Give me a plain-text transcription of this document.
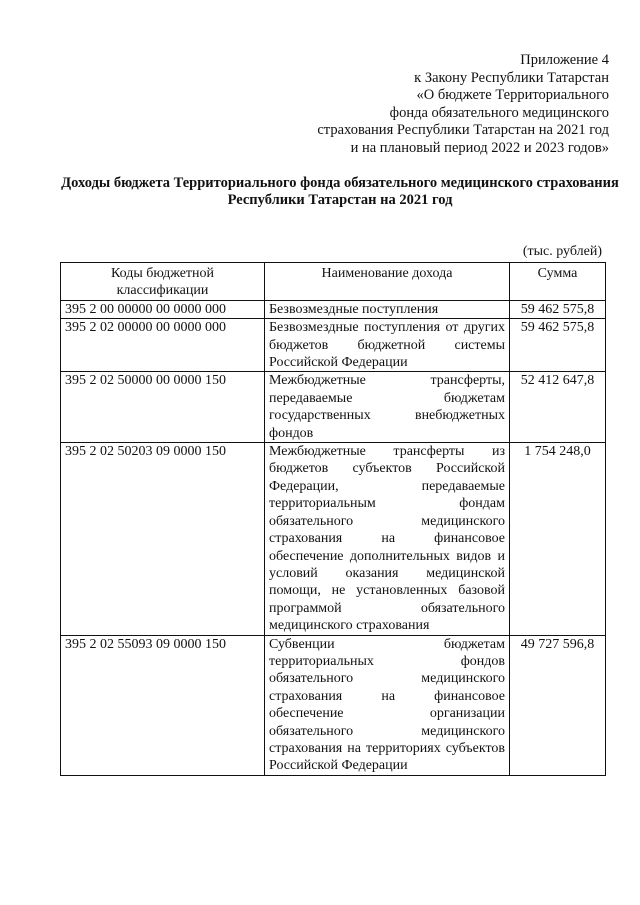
Приложение 4
к Закону Республики Татарстан
«О бюджете Территориального
фонда обязательного медицинского
страхования Республики Татарстан на 2021 год
и на плановый период 2022 и 2023 годов»
Доходы бюджета Территориального фонда обязательного медицинского страхования Республики Татарстан на 2021 год
(тыс. рублей)
Коды бюджетной классификации	Наименование дохода	Сумма
395 2 00 00000 00 0000 000	Безвозмездные поступления	59 462 575,8
395 2 02 00000 00 0000 000	Безвозмездные поступления от других бюджетов бюджетной системы Российской Федерации	59 462 575,8
395 2 02 50000 00 0000 150	Межбюджетные трансферты, передаваемые бюджетам государственных внебюджетных фондов	52 412 647,8
395 2 02 50203 09 0000 150	Межбюджетные трансферты из бюджетов субъектов Российской Федерации, передаваемые территориальным фондам обязательного медицинского страхования на финансовое обеспечение дополнительных видов и условий оказания медицинской помощи, не установленных базовой программой обязательного медицинского страхования	1 754 248,0
395 2 02 55093 09 0000 150	Субвенции бюджетам территориальных фондов обязательного медицинского страхования на финансовое обеспечение организации обязательного медицинского страхования на территориях субъектов Российской Федерации	49 727 596,8
